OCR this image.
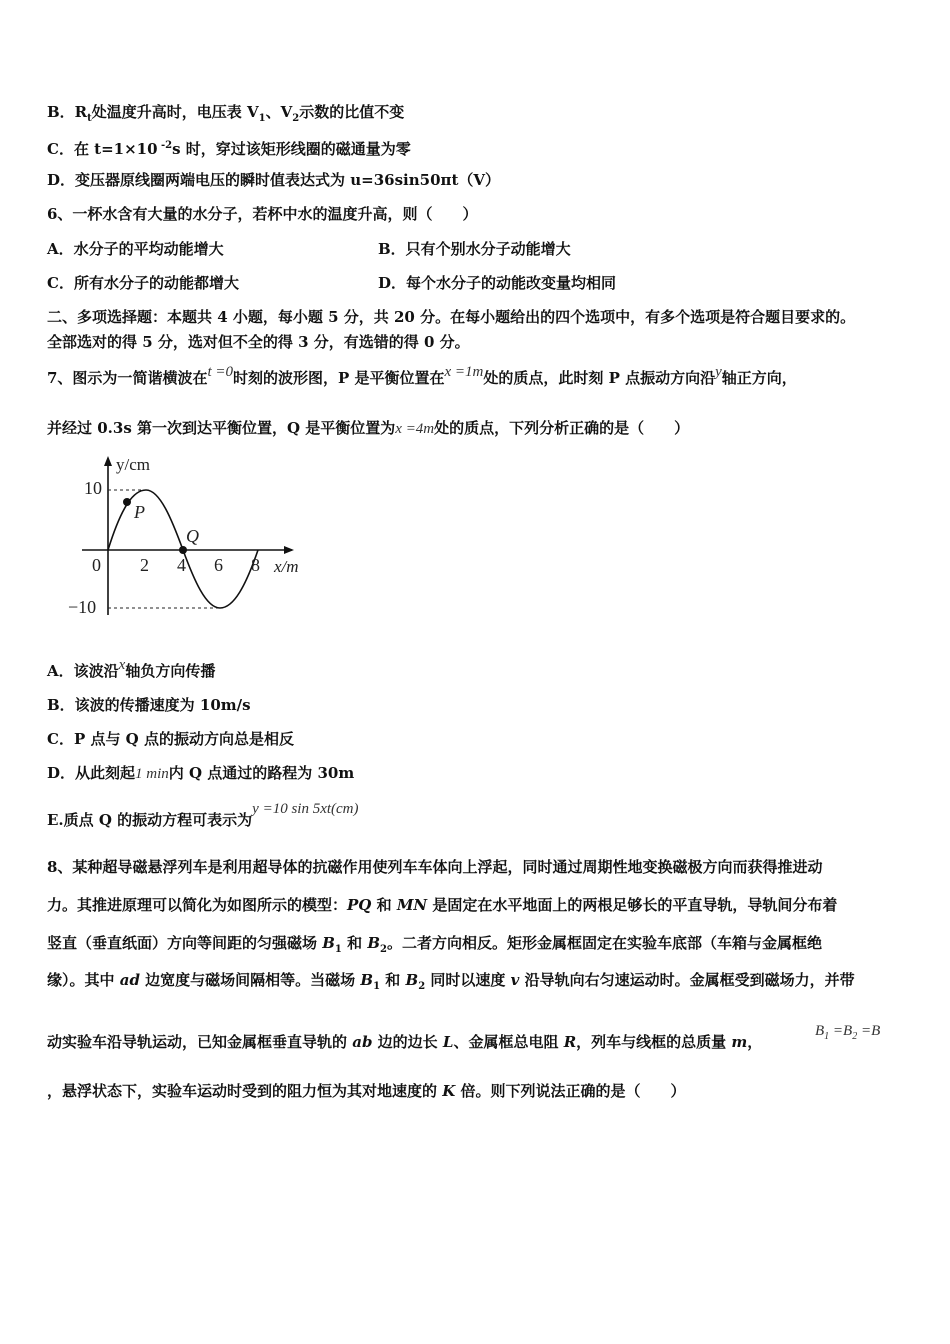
B．$R_t$处温度升高时，电压表 $V_1$、$V_2$示数的比值不变
C．在 t=1×10 $^{-2}$s 时，穿过该矩形线圈的磁通量为零
D．变压器原线圈两端电压的瞬时值表达式为 u=36sin50πt（V）
6、一杯水含有大量的水分子，若杯中水的温度升高，则（　　）
A．水分子的平均动能增大	B．只有个别水分子动能增大
C．所有水分子的动能都增大	D．每个水分子的动能改变量均相同
二、多项选择题：本题共 4 小题，每小题 5 分，共 20 分。在每小题给出的四个选项中，有多个选项是符合题目要求的。
全部选对的得 5 分，选对但不全的得 3 分，有选错的得 0 分。
7、图示为一简谐横波在t =0时刻的波形图，P 是平衡位置在x =1m处的质点，此时刻 P 点振动方向沿y轴正方向，
并经过 0.3s 第一次到达平衡位置，Q 是平衡位置为x =4m处的质点，下列分析正确的是（　　）
y/cm
10
−10
0 2 4 6 8 x/m
P
Q
A．该波沿x轴负方向传播
B．该波的传播速度为 10m/s
C．P 点与 Q 点的振动方向总是相反
D．从此刻起1 min内 Q 点通过的路程为 30m
E.质点 Q 的振动方程可表示为y =10 sin 5xt(cm)
8、某种超导磁悬浮列车是利用超导体的抗磁作用使列车车体向上浮起，同时通过周期性地变换磁极方向而获得推进动
力。其推进原理可以简化为如图所示的模型：PQ 和 MN 是固定在水平地面上的两根足够长的平直导轨，导轨间分布着
竖直（垂直纸面）方向等间距的匀强磁场 $B_1$ 和 $B_2$。二者方向相反。矩形金属框固定在实验车底部（车箱与金属框绝
缘）。其中 ad 边宽度与磁场间隔相等。当磁场 $B_1$ 和 $B_2$ 同时以速度 v 沿导轨向右匀速运动时。金属框受到磁场力，并带
动实验车沿导轨运动，已知金属框垂直导轨的 ab 边的边长 L、金属框总电阻 R，列车与线框的总质量 m，
$B_1 =B_2 =B$
，悬浮状态下，实验车运动时受到的阻力恒为其对地速度的 K 倍。则下列说法正确的是（　　）
